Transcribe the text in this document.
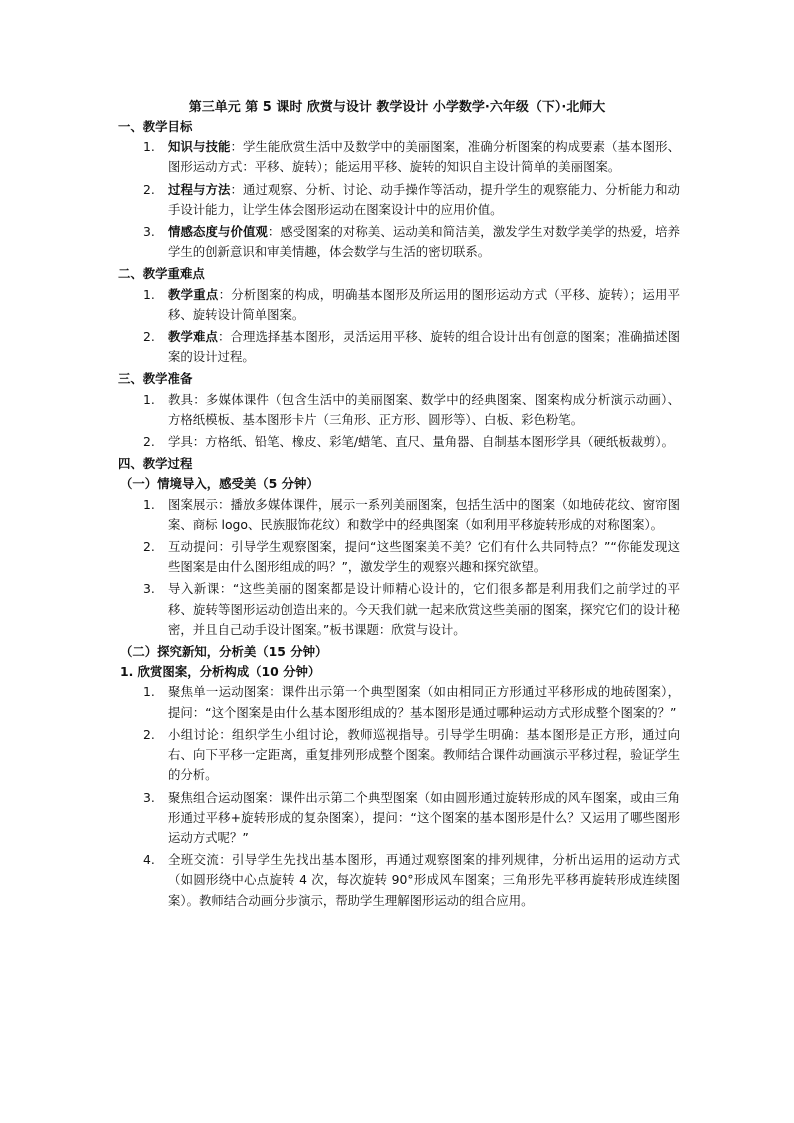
第三单元 第 5 课时 欣赏与设计 教学设计 小学数学·六年级（下）·北师大
一、教学目标
1. 知识与技能：学生能欣赏生活中及数学中的美丽图案，准确分析图案的构成要素（基本图形、图形运动方式：平移、旋转）；能运用平移、旋转的知识自主设计简单的美丽图案。
2. 过程与方法：通过观察、分析、讨论、动手操作等活动，提升学生的观察能力、分析能力和动手设计能力，让学生体会图形运动在图案设计中的应用价值。
3. 情感态度与价值观：感受图案的对称美、运动美和简洁美，激发学生对数学美学的热爱，培养学生的创新意识和审美情趣，体会数学与生活的密切联系。
二、教学重难点
1. 教学重点：分析图案的构成，明确基本图形及所运用的图形运动方式（平移、旋转）；运用平移、旋转设计简单图案。
2. 教学难点：合理选择基本图形，灵活运用平移、旋转的组合设计出有创意的图案；准确描述图案的设计过程。
三、教学准备
1. 教具：多媒体课件（包含生活中的美丽图案、数学中的经典图案、图案构成分析演示动画）、方格纸模板、基本图形卡片（三角形、正方形、圆形等）、白板、彩色粉笔。
2. 学具：方格纸、铅笔、橡皮、彩笔/蜡笔、直尺、量角器、自制基本图形学具（硬纸板裁剪）。
四、教学过程
（一）情境导入，感受美（5 分钟）
1. 图案展示：播放多媒体课件，展示一系列美丽图案，包括生活中的图案（如地砖花纹、窗帘图案、商标 logo、民族服饰花纹）和数学中的经典图案（如利用平移旋转形成的对称图案）。
2. 互动提问：引导学生观察图案，提问“这些图案美不美？它们有什么共同特点？”“你能发现这些图案是由什么图形组成的吗？”，激发学生的观察兴趣和探究欲望。
3. 导入新课：“这些美丽的图案都是设计师精心设计的，它们很多都是利用我们之前学过的平移、旋转等图形运动创造出来的。今天我们就一起来欣赏这些美丽的图案，探究它们的设计秘密，并且自己动手设计图案。”板书课题：欣赏与设计。
（二）探究新知，分析美（15 分钟）
1. 欣赏图案，分析构成（10 分钟）
1. 聚焦单一运动图案：课件出示第一个典型图案（如由相同正方形通过平移形成的地砖图案），提问：“这个图案是由什么基本图形组成的？基本图形是通过哪种运动方式形成整个图案的？”
2. 小组讨论：组织学生小组讨论，教师巡视指导。引导学生明确：基本图形是正方形，通过向右、向下平移一定距离，重复排列形成整个图案。教师结合课件动画演示平移过程，验证学生的分析。
3. 聚焦组合运动图案：课件出示第二个典型图案（如由圆形通过旋转形成的风车图案，或由三角形通过平移+旋转形成的复杂图案），提问：“这个图案的基本图形是什么？又运用了哪些图形运动方式呢？”
4. 全班交流：引导学生先找出基本图形，再通过观察图案的排列规律，分析出运用的运动方式（如圆形绕中心点旋转 4 次，每次旋转 90°形成风车图案；三角形先平移再旋转形成连续图案）。教师结合动画分步演示，帮助学生理解图形运动的组合应用。
